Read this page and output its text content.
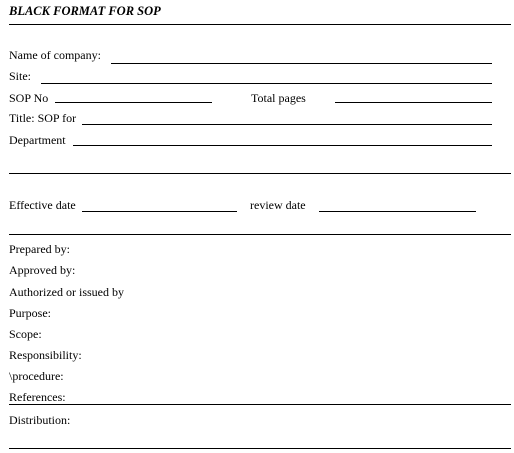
BLACK FORMAT FOR SOP
Name of company:
Site:
SOP No	Total pages
Title: SOP for
Department
Effective date	review date
Prepared by:
Approved by:
Authorized or issued by
Purpose:
Scope:
Responsibility:
\procedure:
References:
Distribution:
